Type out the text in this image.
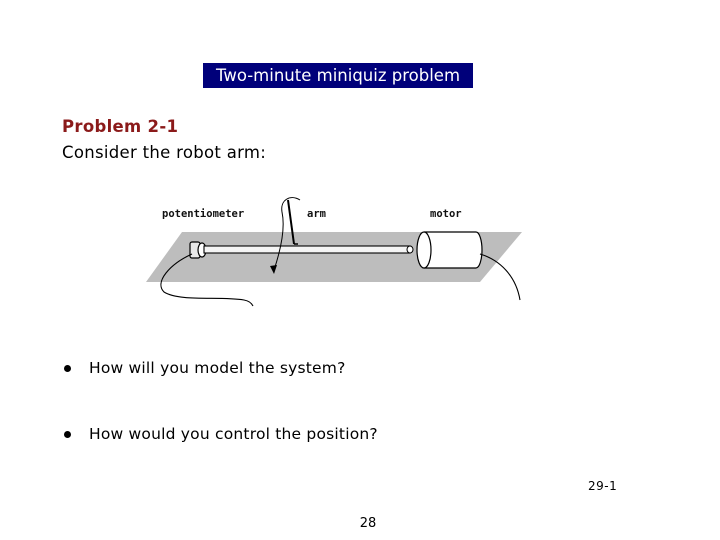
Two-minute miniquiz problem
Problem 2-1
Consider the robot arm:
potentiometer	arm	motor
How will you model the system?
How would you control the position?
29-1
28
